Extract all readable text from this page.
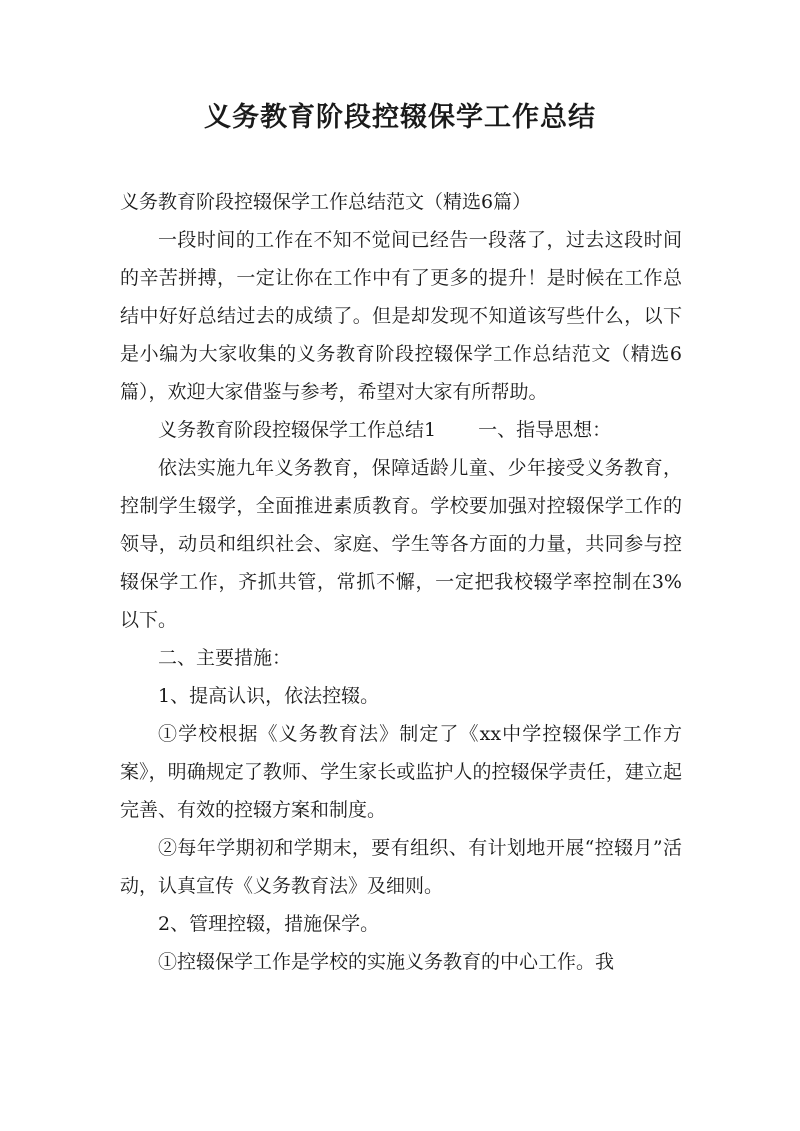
义务教育阶段控辍保学工作总结

义务教育阶段控辍保学工作总结范文（精选6篇）

一段时间的工作在不知不觉间已经告一段落了，过去这段时间的辛苦拼搏，一定让你在工作中有了更多的提升！是时候在工作总结中好好总结过去的成绩了。但是却发现不知道该写些什么，以下是小编为大家收集的义务教育阶段控辍保学工作总结范文（精选6篇），欢迎大家借鉴与参考，希望对大家有所帮助。

义务教育阶段控辍保学工作总结1 一、指导思想：

依法实施九年义务教育，保障适龄儿童、少年接受义务教育，控制学生辍学，全面推进素质教育。学校要加强对控辍保学工作的领导，动员和组织社会、家庭、学生等各方面的力量，共同参与控辍保学工作，齐抓共管，常抓不懈，一定把我校辍学率控制在3%以下。

二、主要措施：

1、提高认识，依法控辍。

①学校根据《义务教育法》制定了《xx中学控辍保学工作方案》，明确规定了教师、学生家长或监护人的控辍保学责任，建立起完善、有效的控辍方案和制度。

②每年学期初和学期末，要有组织、有计划地开展“控辍月”活动，认真宣传《义务教育法》及细则。

2、管理控辍，措施保学。

①控辍保学工作是学校的实施义务教育的中心工作。我
